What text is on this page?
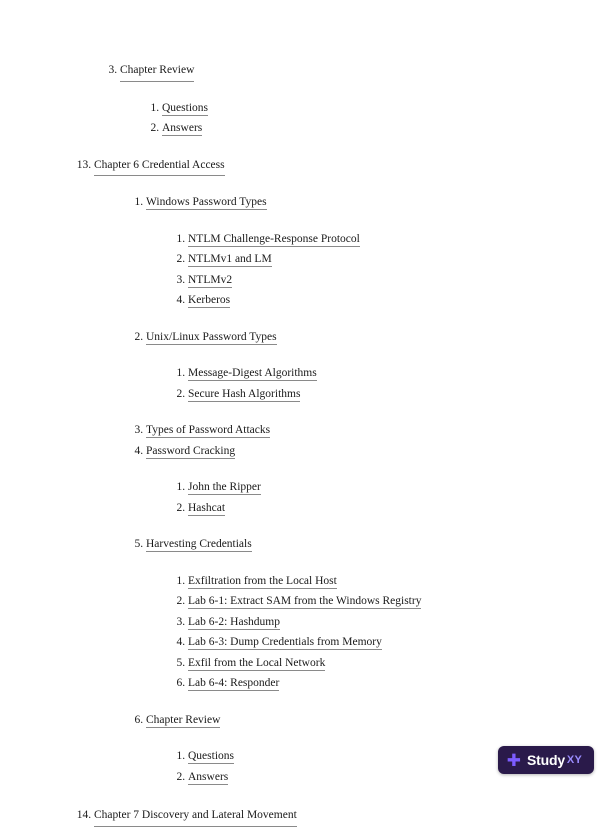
3. Chapter Review
1. Questions
2. Answers
13. Chapter 6 Credential Access
1. Windows Password Types
1. NTLM Challenge-Response Protocol
2. NTLMv1 and LM
3. NTLMv2
4. Kerberos
2. Unix/Linux Password Types
1. Message-Digest Algorithms
2. Secure Hash Algorithms
3. Types of Password Attacks
4. Password Cracking
1. John the Ripper
2. Hashcat
5. Harvesting Credentials
1. Exfiltration from the Local Host
2. Lab 6-1: Extract SAM from the Windows Registry
3. Lab 6-2: Hashdump
4. Lab 6-3: Dump Credentials from Memory
5. Exfil from the Local Network
6. Lab 6-4: Responder
6. Chapter Review
1. Questions
2. Answers
14. Chapter 7 Discovery and Lateral Movement
✚ Study XY
